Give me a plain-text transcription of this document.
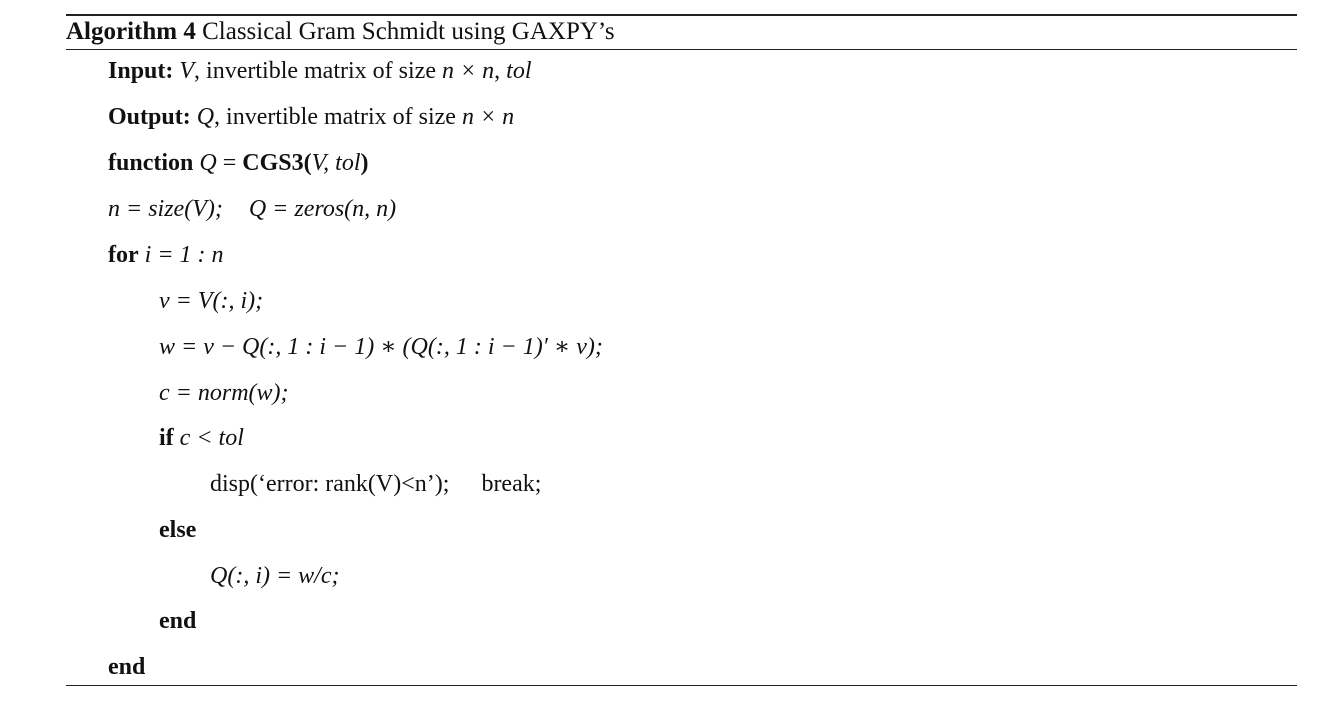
Algorithm 4 Classical Gram Schmidt using GAXPY’s
Input: V, invertible matrix of size n × n, tol
Output: Q, invertible matrix of size n × n
function Q = CGS3(V, tol)
n = size(V); Q = zeros(n, n)
for i = 1 : n
v = V(:, i);
w = v − Q(:, 1 : i − 1) ∗ (Q(:, 1 : i − 1)′ ∗ v);
c = norm(w);
if c < tol
disp(‘error: rank(V)<n’); break;
else
Q(:, i) = w/c;
end
end
